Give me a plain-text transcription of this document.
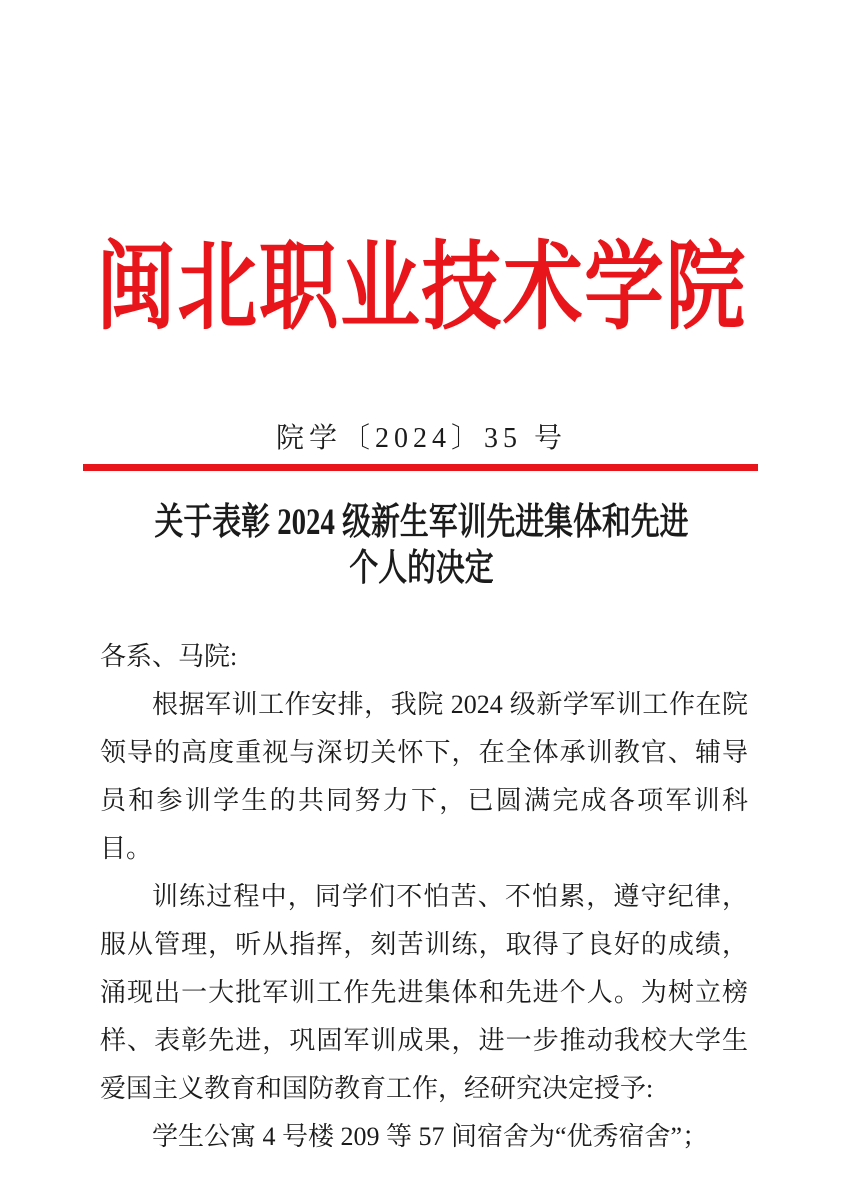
闽北职业技术学院
院学〔2024〕35 号
关于表彰 2024 级新生军训先进集体和先进
个人的决定

各系、马院:

根据军训工作安排，我院 2024 级新学军训工作在院领导的高度重视与深切关怀下，在全体承训教官、辅导员和参训学生的共同努力下，已圆满完成各项军训科目。

训练过程中，同学们不怕苦、不怕累，遵守纪律，服从管理，听从指挥，刻苦训练，取得了良好的成绩，涌现出一大批军训工作先进集体和先进个人。为树立榜样、表彰先进，巩固军训成果，进一步推动我校大学生爱国主义教育和国防教育工作，经研究决定授予:

学生公寓 4 号楼 209 等 57 间宿舍为“优秀宿舍”；
